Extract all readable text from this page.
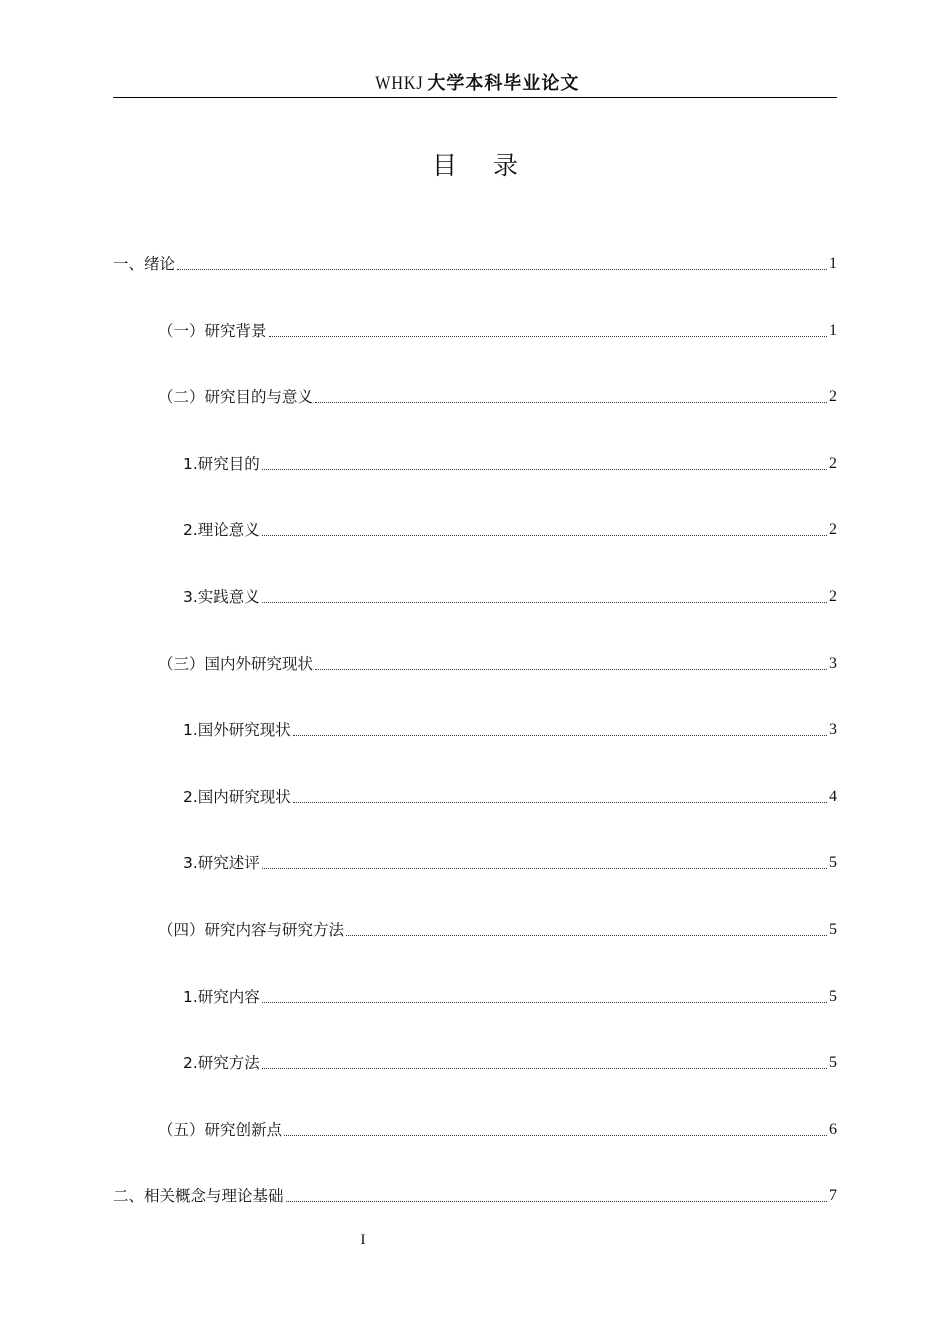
WHKJ 大学本科毕业论文
目 录
一、绪论	1
（一）研究背景	1
（二）研究目的与意义	2
1.研究目的	2
2.理论意义	2
3.实践意义	2
（三）国内外研究现状	3
1.国外研究现状	3
2.国内研究现状	4
3.研究述评	5
（四）研究内容与研究方法	5
1.研究内容	5
2.研究方法	5
（五）研究创新点	6
二、相关概念与理论基础	7
I
